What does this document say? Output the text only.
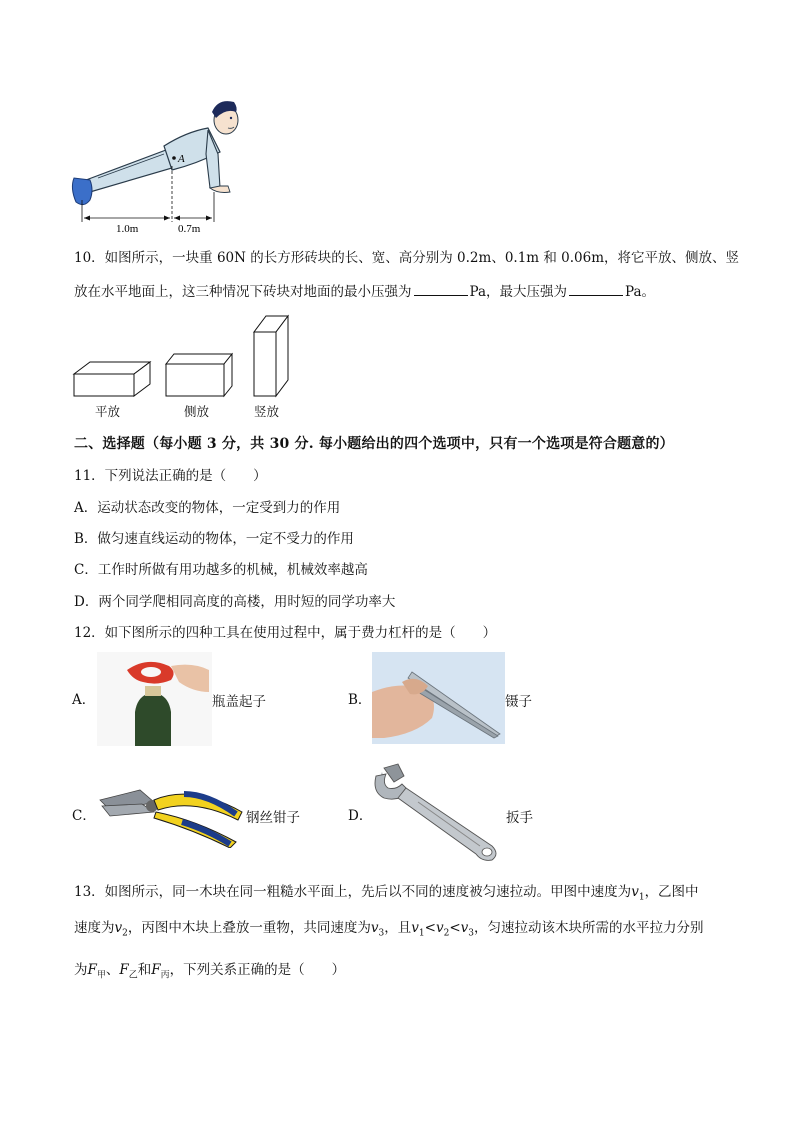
A
1.0m	0.7m
10．如图所示，一块重 60N 的长方形砖块的长、宽、高分别为 0.2m、0.1m 和 0.06m，将它平放、侧放、竖
放在水平地面上，这三种情况下砖块对地面的最小压强为	Pa，最大压强为	Pa。
平放	侧放	竖放
二、选择题（每小题 3 分，共 30 分. 每小题给出的四个选项中，只有一个选项是符合题意的）
11．下列说法正确的是（　　）
A．运动状态改变的物体，一定受到力的作用
B．做匀速直线运动的物体，一定不受力的作用
C．工作时所做有用功越多的机械，机械效率越高
D．两个同学爬相同高度的高楼，用时短的同学功率大
12．如下图所示的四种工具在使用过程中，属于费力杠杆的是（　　）
A．	瓶盖起子	B．	镊子
C．	钢丝钳子	D．	扳手
13．如图所示，同一木块在同一粗糙水平面上，先后以不同的速度被匀速拉动。甲图中速度为$v_1$，乙图中
速度为$v_2$，丙图中木块上叠放一重物，共同速度为$v_3$，且$v_1<v_2<v_3$，匀速拉动该木块所需的水平拉力分别
为$F_甲$、$F_乙$和$F_丙$，下列关系正确的是（　　）
